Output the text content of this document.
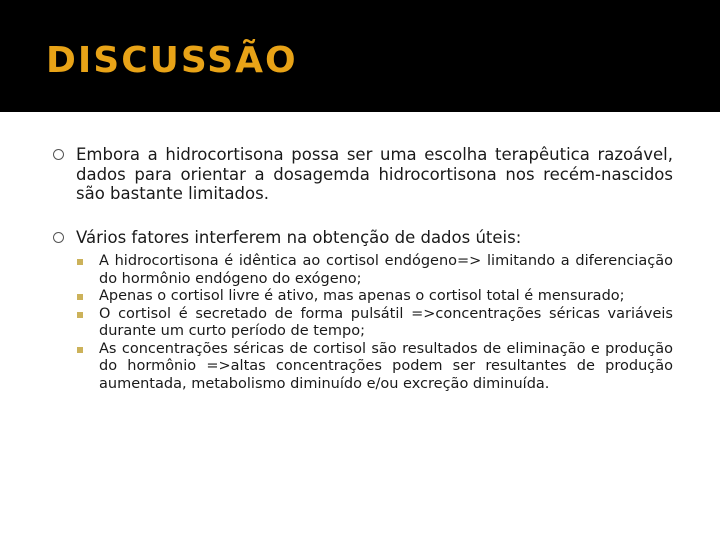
DISCUSSÃO
Embora a hidrocortisona possa ser uma escolha terapêutica razoável, dados para orientar a dosagemda hidrocortisona nos recém-nascidos são bastante limitados.
Vários fatores interferem na obtenção de dados úteis:
A hidrocortisona é idêntica ao cortisol endógeno=> limitando a diferenciação do hormônio endógeno do exógeno;
Apenas o cortisol livre é ativo, mas apenas o cortisol total é mensurado;
O cortisol é secretado de forma pulsátil =>concentrações séricas variáveis durante um curto período de tempo;
As concentrações séricas de cortisol são resultados de eliminação e produção do hormônio =>altas concentrações podem ser resultantes de produção aumentada, metabolismo diminuído e/ou excreção diminuída.
